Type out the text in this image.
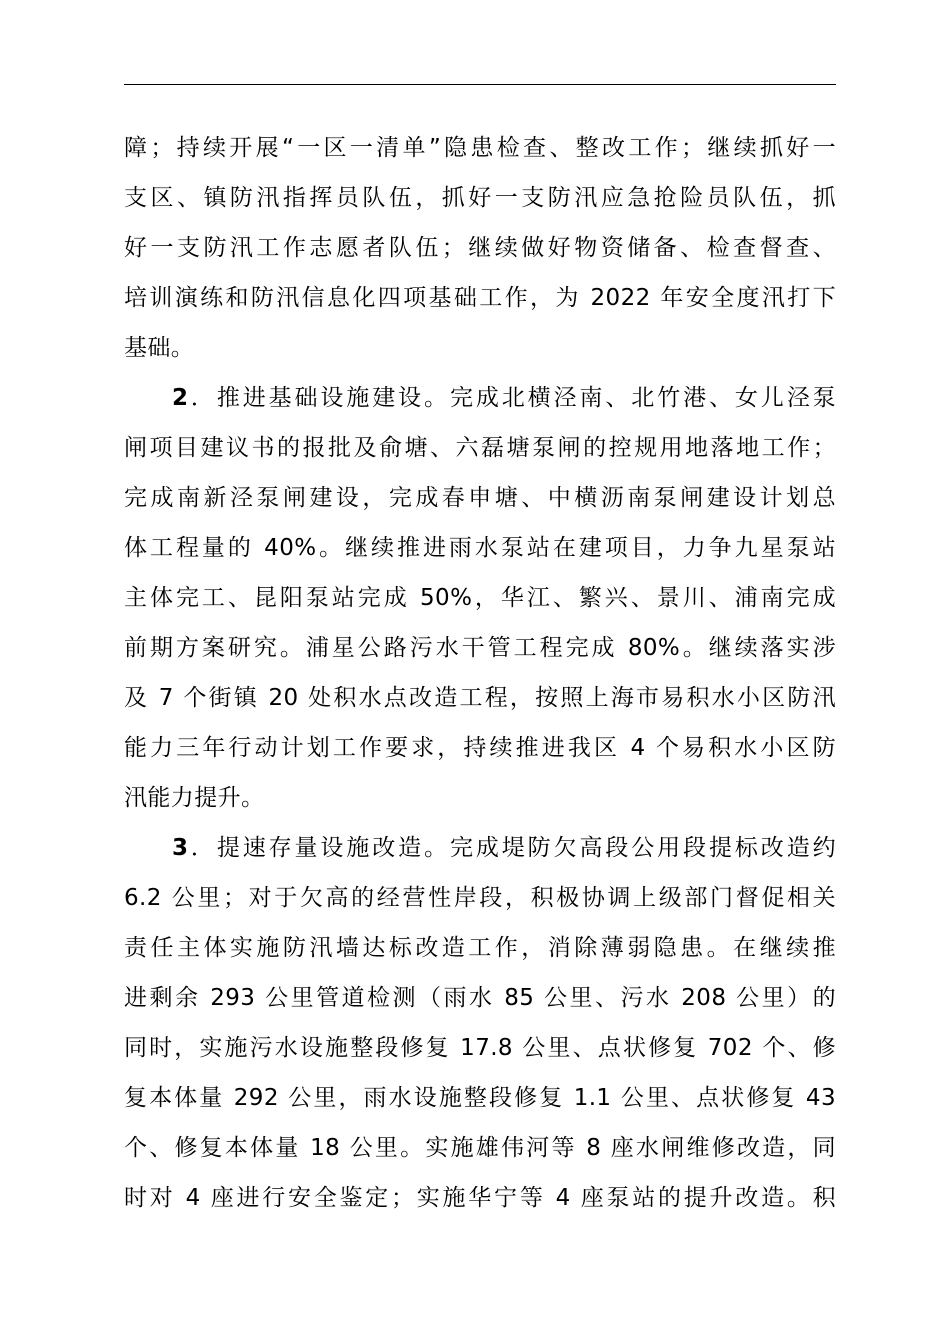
障；持续开展“一区一清单”隐患检查、整改工作；继续抓好一
支区、镇防汛指挥员队伍，抓好一支防汛应急抢险员队伍，抓
好一支防汛工作志愿者队伍；继续做好物资储备、检查督查、
培训演练和防汛信息化四项基础工作，为 2022 年安全度汛打下
基础。
2．推进基础设施建设。完成北横泾南、北竹港、女儿泾泵
闸项目建议书的报批及俞塘、六磊塘泵闸的控规用地落地工作；
完成南新泾泵闸建设，完成春申塘、中横沥南泵闸建设计划总
体工程量的 40%。继续推进雨水泵站在建项目，力争九星泵站
主体完工、昆阳泵站完成 50%，华江、繁兴、景川、浦南完成
前期方案研究。浦星公路污水干管工程完成 80%。继续落实涉
及 7 个街镇 20 处积水点改造工程，按照上海市易积水小区防汛
能力三年行动计划工作要求，持续推进我区 4 个易积水小区防
汛能力提升。
3．提速存量设施改造。完成堤防欠高段公用段提标改造约
6.2 公里；对于欠高的经营性岸段，积极协调上级部门督促相关
责任主体实施防汛墙达标改造工作，消除薄弱隐患。在继续推
进剩余 293 公里管道检测（雨水 85 公里、污水 208 公里）的
同时，实施污水设施整段修复 17.8 公里、点状修复 702 个、修
复本体量 292 公里，雨水设施整段修复 1.1 公里、点状修复 43
个、修复本体量 18 公里。实施雄伟河等 8 座水闸维修改造，同
时对 4 座进行安全鉴定；实施华宁等 4 座泵站的提升改造。积
